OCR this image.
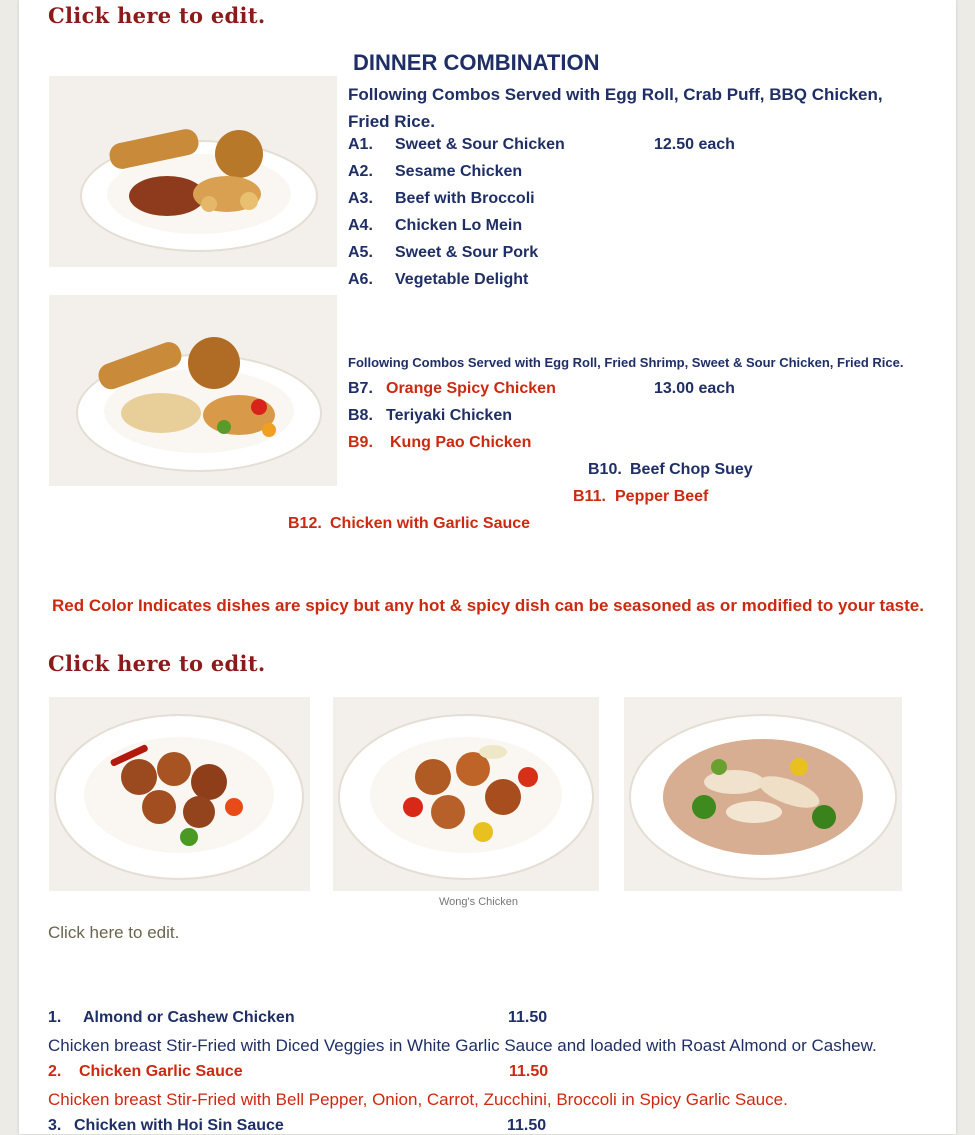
Click here to edit.
DINNER COMBINATION
Following Combos Served with Egg Roll, Crab Puff, BBQ Chicken, Fried Rice.
A1. Sweet & Sour Chicken	12.50 each
A2. Sesame Chicken
A3. Beef with Broccoli
A4. Chicken Lo Mein
A5. Sweet & Sour Pork
A6. Vegetable Delight
Following Combos Served with Egg Roll, Fried Shrimp, Sweet & Sour Chicken, Fried Rice.
B7. Orange Spicy Chicken	13.00 each
B8. Teriyaki Chicken
B9. Kung Pao Chicken
B10. Beef Chop Suey
B11. Pepper Beef
B12. Chicken with Garlic Sauce
Red Color Indicates dishes are spicy but any hot & spicy dish can be seasoned as or modified to your taste.
Click here to edit.
Wong's Chicken
Click here to edit.
1. Almond or Cashew Chicken	11.50
Chicken breast Stir-Fried with Diced Veggies in White Garlic Sauce and loaded with Roast Almond or Cashew.
2. Chicken Garlic Sauce	11.50
Chicken breast Stir-Fried with Bell Pepper, Onion, Carrot, Zucchini, Broccoli in Spicy Garlic Sauce.
3. Chicken with Hoi Sin Sauce	11.50
